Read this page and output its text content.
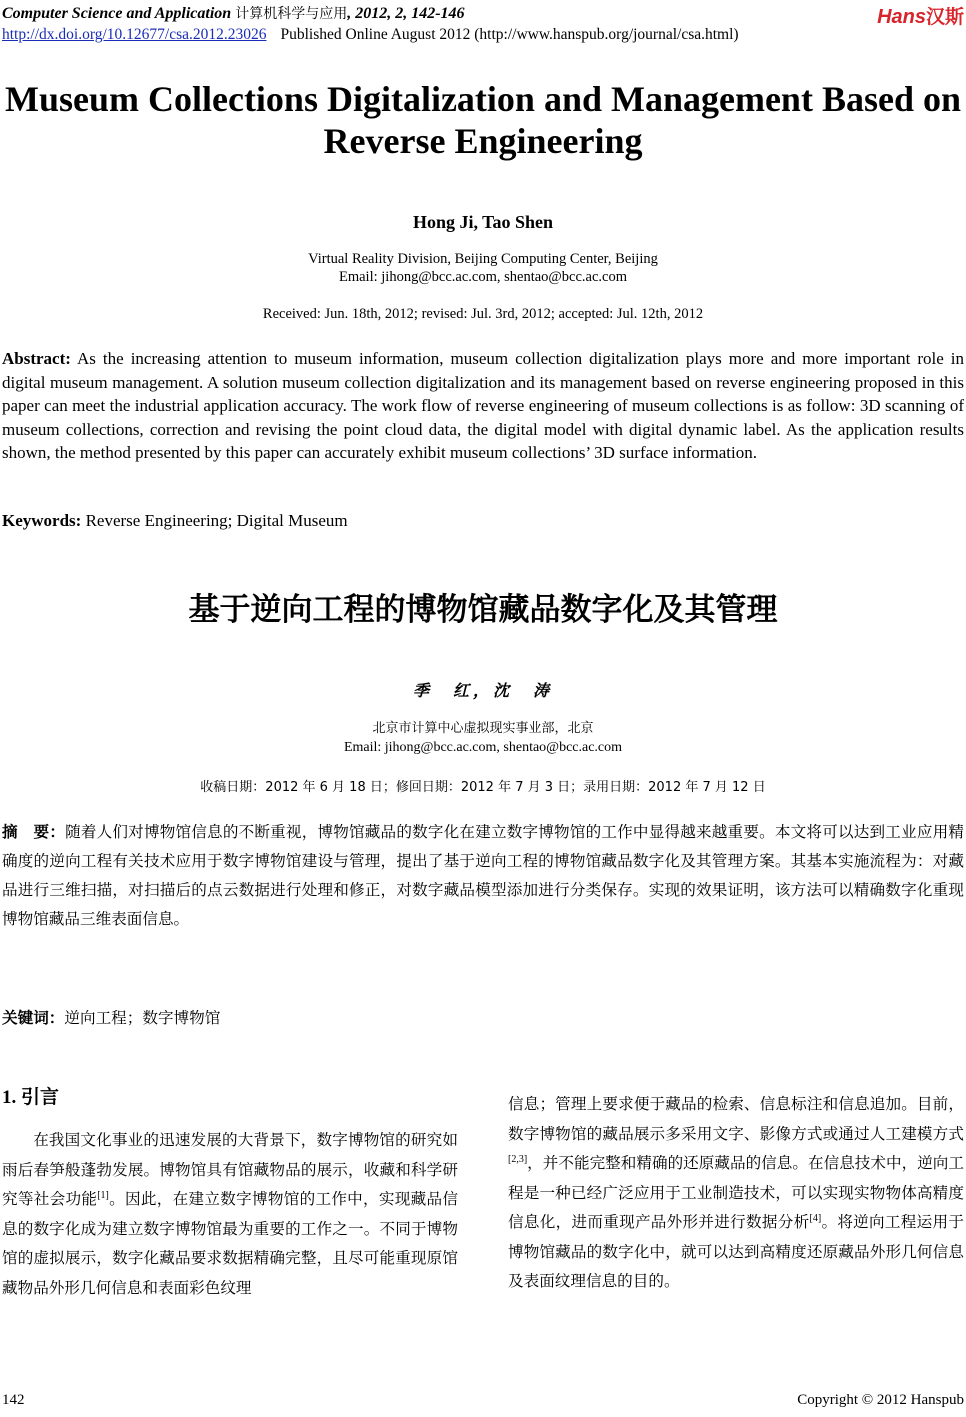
Computer Science and Application 计算机科学与应用, 2012, 2, 142-146
http://dx.doi.org/10.12677/csa.2012.23026 Published Online August 2012 (http://www.hanspub.org/journal/csa.html)
Hans汉斯
Museum Collections Digitalization and Management Based on
Reverse Engineering
Hong Ji, Tao Shen
Virtual Reality Division, Beijing Computing Center, Beijing
Email: jihong@bcc.ac.com, shentao@bcc.ac.com
Received: Jun. 18th, 2012; revised: Jul. 3rd, 2012; accepted: Jul. 12th, 2012
Abstract: As the increasing attention to museum information, museum collection digitalization plays more and more important role in digital museum management. A solution museum collection digitalization and its management based on reverse engineering proposed in this paper can meet the industrial application accuracy. The work flow of reverse engineering of museum collections is as follow: 3D scanning of museum collections, correction and revising the point cloud data, the digital model with digital dynamic label. As the application results shown, the method presented by this paper can accurately exhibit museum collections’ 3D surface information.
Keywords: Reverse Engineering; Digital Museum
基于逆向工程的博物馆藏品数字化及其管理
季　红，沈　涛
北京市计算中心虚拟现实事业部，北京
Email: jihong@bcc.ac.com, shentao@bcc.ac.com
收稿日期：2012 年 6 月 18 日；修回日期：2012 年 7 月 3 日；录用日期：2012 年 7 月 12 日
摘　要：随着人们对博物馆信息的不断重视，博物馆藏品的数字化在建立数字博物馆的工作中显得越来越重要。本文将可以达到工业应用精确度的逆向工程有关技术应用于数字博物馆建设与管理，提出了基于逆向工程的博物馆藏品数字化及其管理方案。其基本实施流程为：对藏品进行三维扫描，对扫描后的点云数据进行处理和修正，对数字藏品模型添加进行分类保存。实现的效果证明，该方法可以精确数字化重现博物馆藏品三维表面信息。
关键词：逆向工程；数字博物馆
1. 引言
在我国文化事业的迅速发展的大背景下，数字博物馆的研究如雨后春笋般蓬勃发展。博物馆具有馆藏物品的展示，收藏和科学研究等社会功能[1]。因此，在建立数字博物馆的工作中，实现藏品信息的数字化成为建立数字博物馆最为重要的工作之一。不同于博物馆的虚拟展示，数字化藏品要求数据精确完整，且尽可能重现原馆藏物品外形几何信息和表面彩色纹理
信息；管理上要求便于藏品的检索、信息标注和信息追加。目前，数字博物馆的藏品展示多采用文字、影像方式或通过人工建模方式[2,3]，并不能完整和精确的还原藏品的信息。在信息技术中，逆向工程是一种已经广泛应用于工业制造技术，可以实现实物物体高精度信息化，进而重现产品外形并进行数据分析[4]。将逆向工程运用于博物馆藏品的数字化中，就可以达到高精度还原藏品外形几何信息及表面纹理信息的目的。
142	Copyright © 2012 Hanspub
